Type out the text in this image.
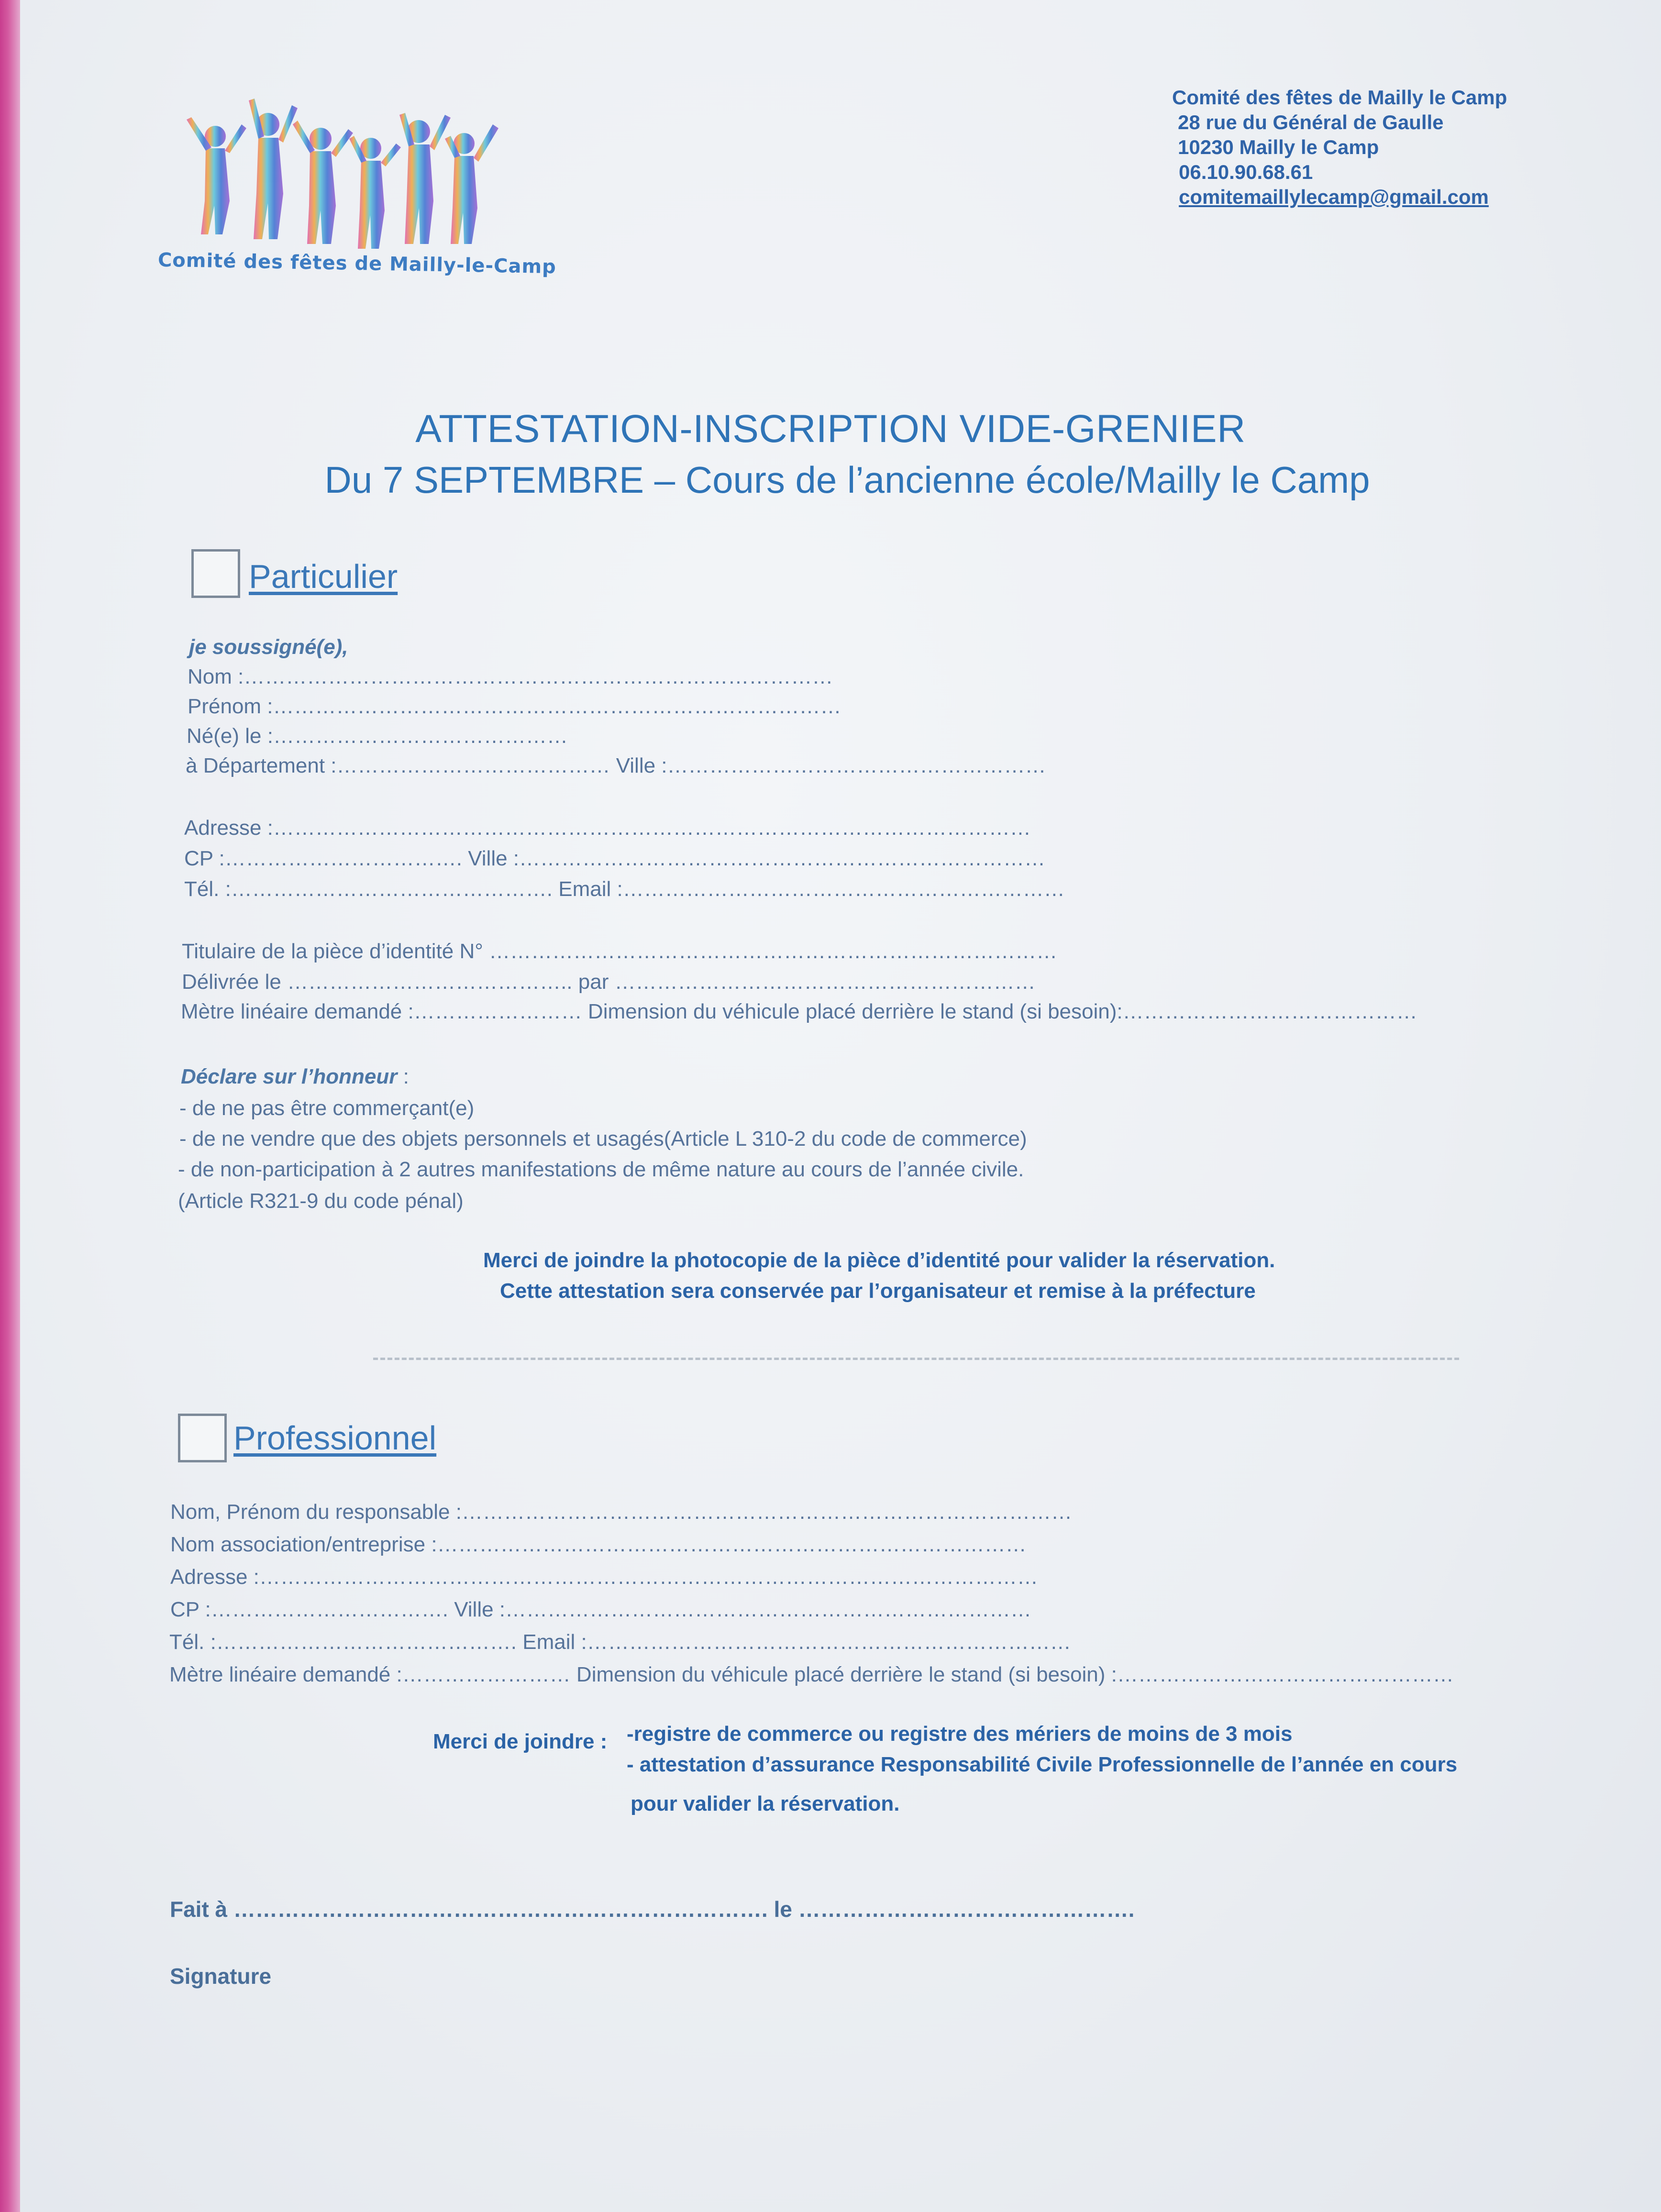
Comité des fêtes de Mailly-le-Camp
Comité des fêtes de Mailly le Camp
28 rue du Général de Gaulle
10230 Mailly le Camp
06.10.90.68.61
comitemaillylecamp@gmail.com
ATTESTATION-INSCRIPTION VIDE-GRENIER
Du 7 SEPTEMBRE – Cours de l’ancienne école/Mailly le Camp
Particulier
je soussigné(e),
Nom :…………………………………………………………………………
Prénom :………………………………………………………………………
Né(e) le :……………………………………
à Département :………………………………… Ville :………………………………………………
Adresse :………………………………………………………………………………………………
CP :……………………………. Ville :…………………………………………………………………
Tél. :………………………………………. Email :………………………………………………………
Titulaire de la pièce d’identité N° ………………………………………………………………………
Délivrée le ………………………………….. par ……………………………………………………
Mètre linéaire demandé :…………………… Dimension du véhicule placé derrière le stand (si besoin):……………………………………
Déclare sur l’honneur :
- de ne pas être commerçant(e)
- de ne vendre que des objets personnels et usagés(Article L 310-2 du code de commerce)
- de non-participation à 2 autres manifestations de même nature au cours de l’année civile.
(Article R321-9 du code pénal)
Merci de joindre la photocopie de la pièce d’identité pour valider la réservation.
Cette attestation sera conservée par l’organisateur et remise à la préfecture
Professionnel
Nom, Prénom du responsable :……………………………………………………………………………
Nom association/entreprise :…………………………………………………………………………
Adresse :…………………………………………………………………………………………………
CP :……………………………. Ville :…………………………………………………………………
Tél. :……………………………………. Email :……………………………………………………………
Mètre linéaire demandé :…………………… Dimension du véhicule placé derrière le stand (si besoin) :…………………………………………
Merci de joindre : -registre de commerce ou registre des mériers de moins de 3 mois
- attestation d’assurance Responsabilité Civile Professionnelle de l’année en cours
pour valider la réservation.
Fait à ………………………………………………………………. le ……………………………………….
Signature
